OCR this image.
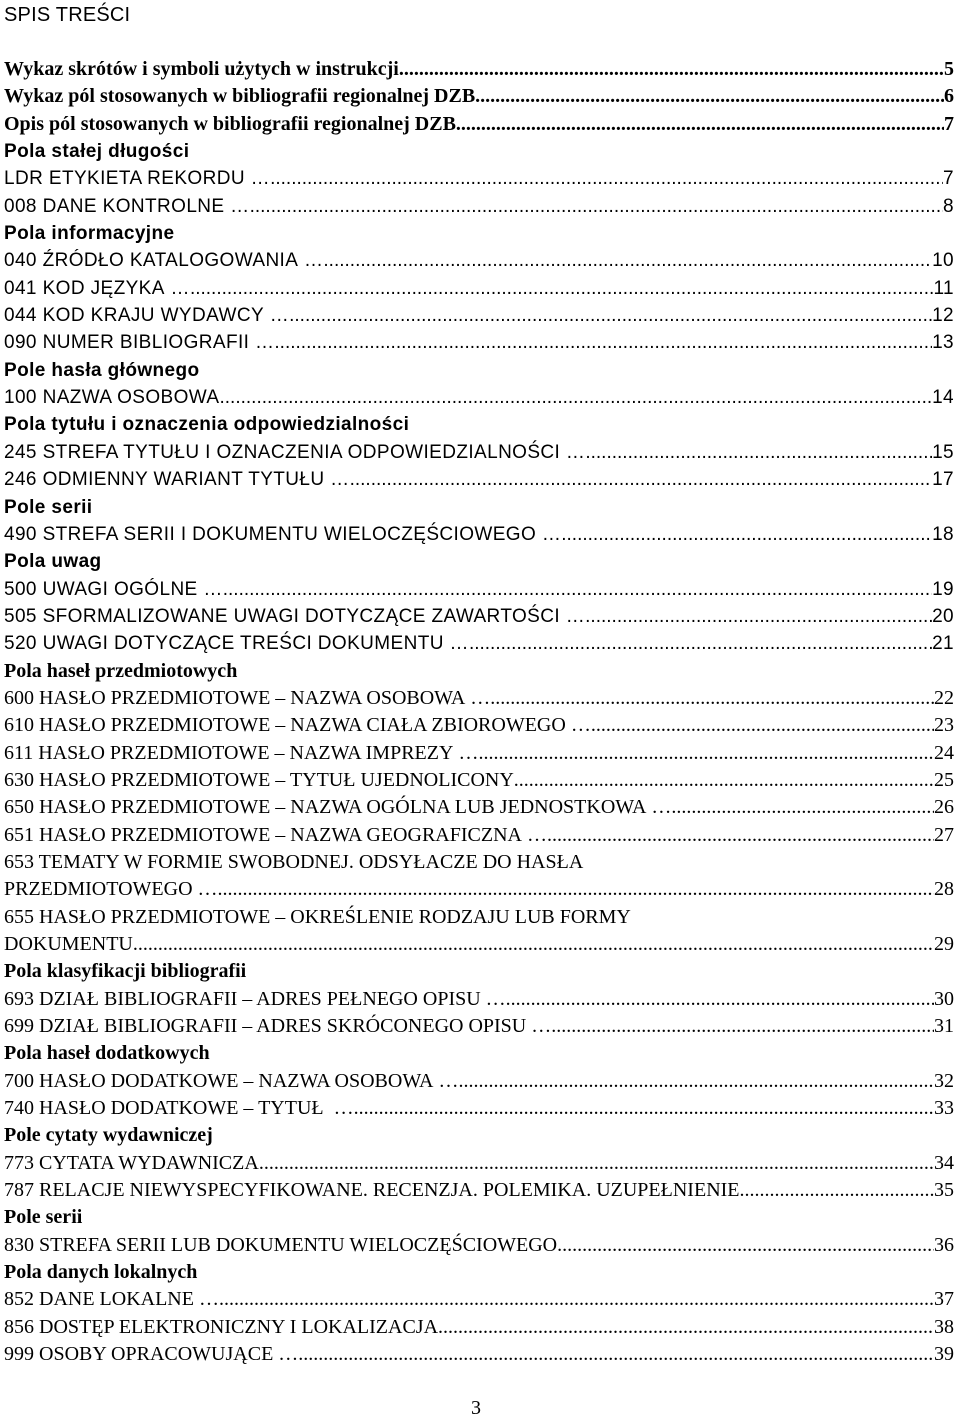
SPIS TREŚCI
Wykaz skrótów i symboli użytych w instrukcji .....	5
Wykaz pól stosowanych w bibliografii regionalnej DZB .....	6
Opis pól stosowanych w bibliografii regionalnej DZB .....	7
Pola stałej długości
LDR ETYKIETA REKORDU … .....	7
008 DANE KONTROLNE … .....	8
Pola informacyjne
040 ŹRÓDŁO KATALOGOWANIA … .....	10
041 KOD JĘZYKA … .....	11
044 KOD KRAJU WYDAWCY … .....	12
090 NUMER BIBLIOGRAFII … .....	13
Pole hasła głównego
100 NAZWA OSOBOWA .....	14
Pola tytułu i oznaczenia odpowiedzialności
245 STREFA TYTUŁU I OZNACZENIA ODPOWIEDZIALNOŚCI … .....	15
246 ODMIENNY WARIANT TYTUŁU … .....	17
Pole serii
490 STREFA SERII I DOKUMENTU WIELOCZĘŚCIOWEGO … .....	18
Pola uwag
500 UWAGI OGÓLNE … .....	19
505 SFORMALIZOWANE UWAGI DOTYCZĄCE ZAWARTOŚCI … .....	20
520 UWAGI DOTYCZĄCE TREŚCI DOKUMENTU … .....	21
Pola haseł przedmiotowych
600 HASŁO PRZEDMIOTOWE – NAZWA OSOBOWA … .....	22
610 HASŁO PRZEDMIOTOWE – NAZWA CIAŁA ZBIOROWEGO … .....	23
611 HASŁO PRZEDMIOTOWE – NAZWA IMPREZY … .....	24
630 HASŁO PRZEDMIOTOWE – TYTUŁ UJEDNOLICONY .....	25
650 HASŁO PRZEDMIOTOWE – NAZWA OGÓLNA LUB JEDNOSTKOWA … .....	26
651 HASŁO PRZEDMIOTOWE – NAZWA GEOGRAFICZNA … .....	27
653 TEMATY W FORMIE SWOBODNEJ. ODSYŁACZE DO HASŁA
PRZEDMIOTOWEGO … .....	28
655 HASŁO PRZEDMIOTOWE – OKREŚLENIE RODZAJU LUB FORMY
DOKUMENTU .....	29
Pola klasyfikacji bibliografii
693 DZIAŁ BIBLIOGRAFII – ADRES PEŁNEGO OPISU … .....	30
699 DZIAŁ BIBLIOGRAFII – ADRES SKRÓCONEGO OPISU … .....	31
Pola haseł dodatkowych
700 HASŁO DODATKOWE – NAZWA OSOBOWA … .....	32
740 HASŁO DODATKOWE – TYTUŁ … .....	33
Pole cytaty wydawniczej
773 CYTATA WYDAWNICZA .....	34
787 RELACJE NIEWYSPECYFIKOWANE. RECENZJA. POLEMIKA. UZUPEŁNIENIE .....	35
Pole serii
830 STREFA SERII LUB DOKUMENTU WIELOCZĘŚCIOWEGO .....	36
Pola danych lokalnych
852 DANE LOKALNE … .....	37
856 DOSTĘP ELEKTRONICZNY I LOKALIZACJA .....	38
999 OSOBY OPRACOWUJĄCE … .....	39
3
